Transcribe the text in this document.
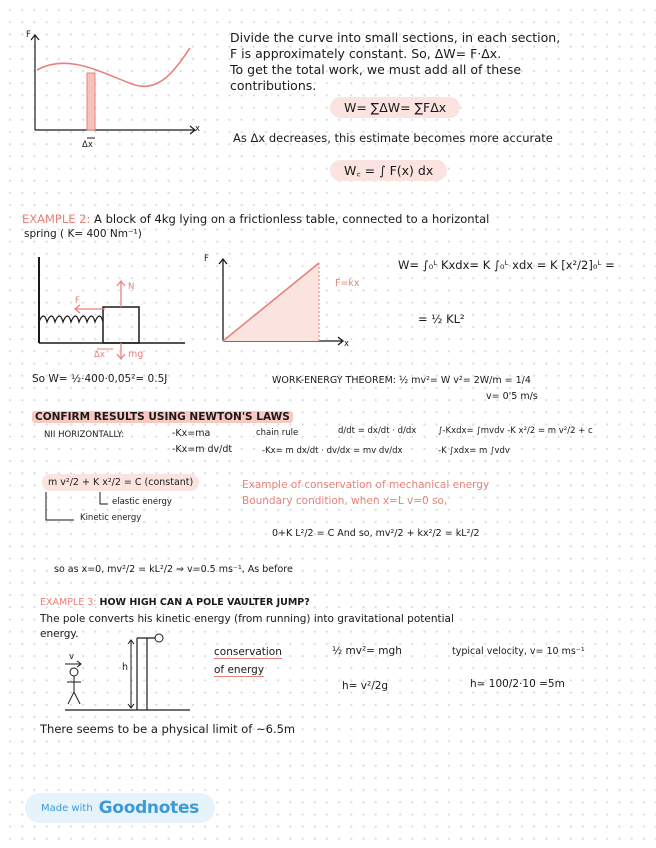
F

x

Δx

Divide the curve into small sections, in each section,

F is approximately constant. So, ΔW= F·Δx.

To get the total work, we must add all of these

contributions.

W= ∑ΔW= ∑FΔx

As Δx decreases, this estimate becomes more accurate

W꜀ = ∫ F(x) dx

EXAMPLE 2: A block of 4kg lying on a frictionless table, connected to a horizontal

spring ( K= 400 Nm⁻¹)

F

N

mg

Δx

F

x

F=kx

W= ∫₀ᴸ Kxdx= K ∫₀ᴸ xdx = K [x²/2]₀ᴸ =

= ½ KL²

So W= ½·400·0,05²= 0.5J	WORK-ENERGY THEOREM: ½ mv²= W v²= 2W/m = 1/4

v= 0'5 m/s

CONFIRM RESULTS USING NEWTON'S LAWS

NII HORIZONTALLY:	-Kx=ma

-Kx=m dv/dt

chain rule	d/dt = dx/dt · d/dx

-Kx= m dx/dt · dv/dx = mv dv/dx

∫-Kxdx= ∫mvdv -K x²/2 = m v²/2 + c

-K ∫xdx= m ∫vdv

m v²/2 + K x²/2 = C (constant)

elastic energy

Kinetic energy

Example of conservation of mechanical energy

Boundary condition, when x=L v=0 so,

0+K L²/2 = C And so, mv²/2 + kx²/2 = kL²/2

so as x=0, mv²/2 = kL²/2 ⇒ v=0.5 ms⁻¹, As before

EXAMPLE 3: HOW HIGH CAN A POLE VAULTER JUMP?

The pole converts his kinetic energy (from running) into gravitational potential

energy.

v

h

conservation

of energy

½ mv²= mgh

h= v²/2g

typical velocity, v= 10 ms⁻¹

h≃ 100/2·10 =5m

There seems to be a physical limit of ~6.5m

Made with Goodnotes
